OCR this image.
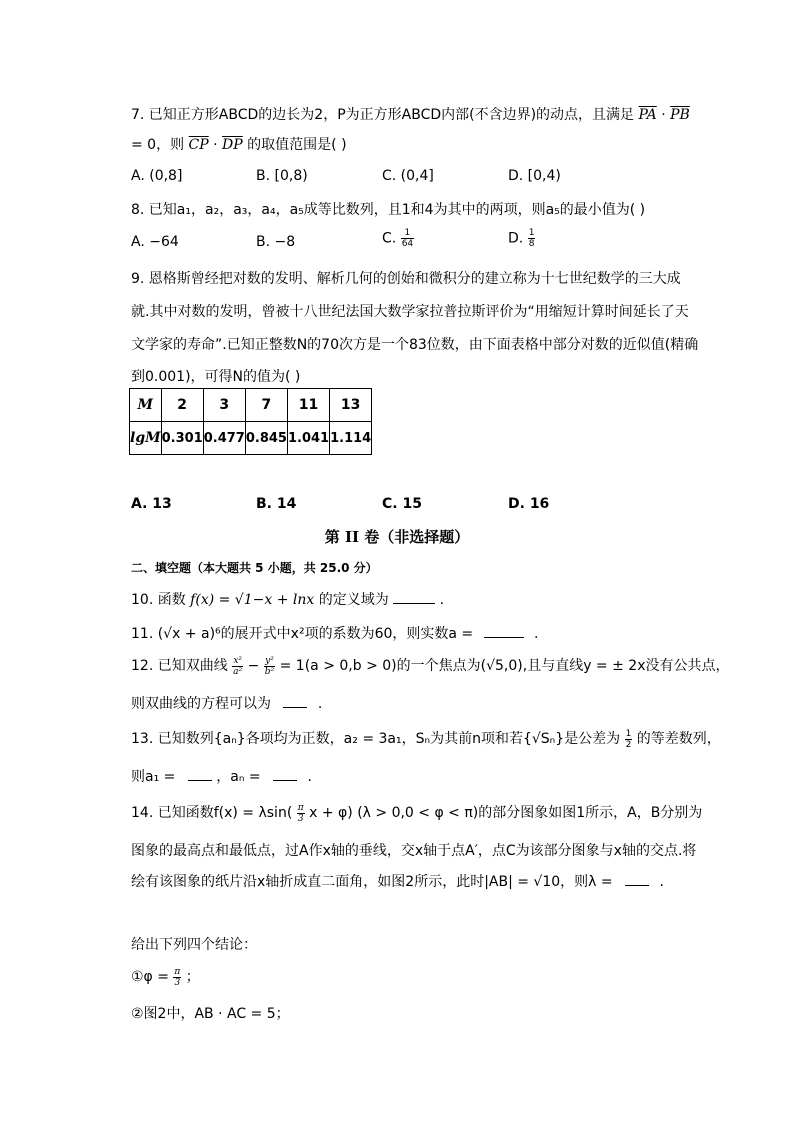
7. 已知正方形ABCD的边长为2，P为正方形ABCD内部(不含边界)的动点，且满足 $\overline{PA} \cdot \overline{PB}$
= 0，则 $\overline{CP} \cdot \overline{DP}$ 的取值范围是( )
A. (0,8]	B. [0,8)	C. (0,4]	D. [0,4)
8. 已知a₁，a₂，a₃，a₄，a₅成等比数列，且1和4为其中的两项，则a₅的最小值为( )
A. −64	B. −8	C. $\frac{1}{64}$	D. $\frac{1}{8}$
9. 恩格斯曾经把对数的发明、解析几何的创始和微积分的建立称为十七世纪数学的三大成
就.其中对数的发明，曾被十八世纪法国大数学家拉普拉斯评价为“用缩短计算时间延长了天
文学家的寿命”.已知正整数N的70次方是一个83位数，由下面表格中部分对数的近似值(精确
到0.001)，可得N的值为( )
M	2	3	7	11	13
lgM	0.301	0.477	0.845	1.041	1.114
A. 13	B. 14	C. 15	D. 16
第 II 卷（非选择题）
二、填空题（本大题共 5 小题，共 25.0 分）
10. 函数 f(x) = √1−x + lnx 的定义域为	.
11. (√x + a)⁶的展开式中x²项的系数为60，则实数a =	.
12. 已知双曲线 $\frac{\text{x²}}{\text{a²}} - \frac{\text{y²}}{\text{b²}} = 1(a > 0,b > 0)$的一个焦点为(√5,0),且与直线y = ± 2x没有公共点，
则双曲线的方程可以为	.
13. 已知数列{aₙ}各项均为正数，a₂ = 3a₁，Sₙ为其前n项和若{√Sₙ}是公差为 $\frac{1}{2}$ 的等差数列，
则a₁ =	，aₙ =	.
14. 已知函数$f(x) = \lambda\sin( \frac{\pi}{3}$ x + φ) (λ > 0,0 < φ < π)的部分图象如图1所示，A，B分别为
图象的最高点和最低点，过A作x轴的垂线，交x轴于点A′，点C为该部分图象与x轴的交点.将
绘有该图象的纸片沿x轴折成直二面角，如图2所示，此时|AB| = √10，则λ =	.
给出下列四个结论：
①φ = $\frac{\pi}{3}$ ；
②图2中，AB · AC = 5；
